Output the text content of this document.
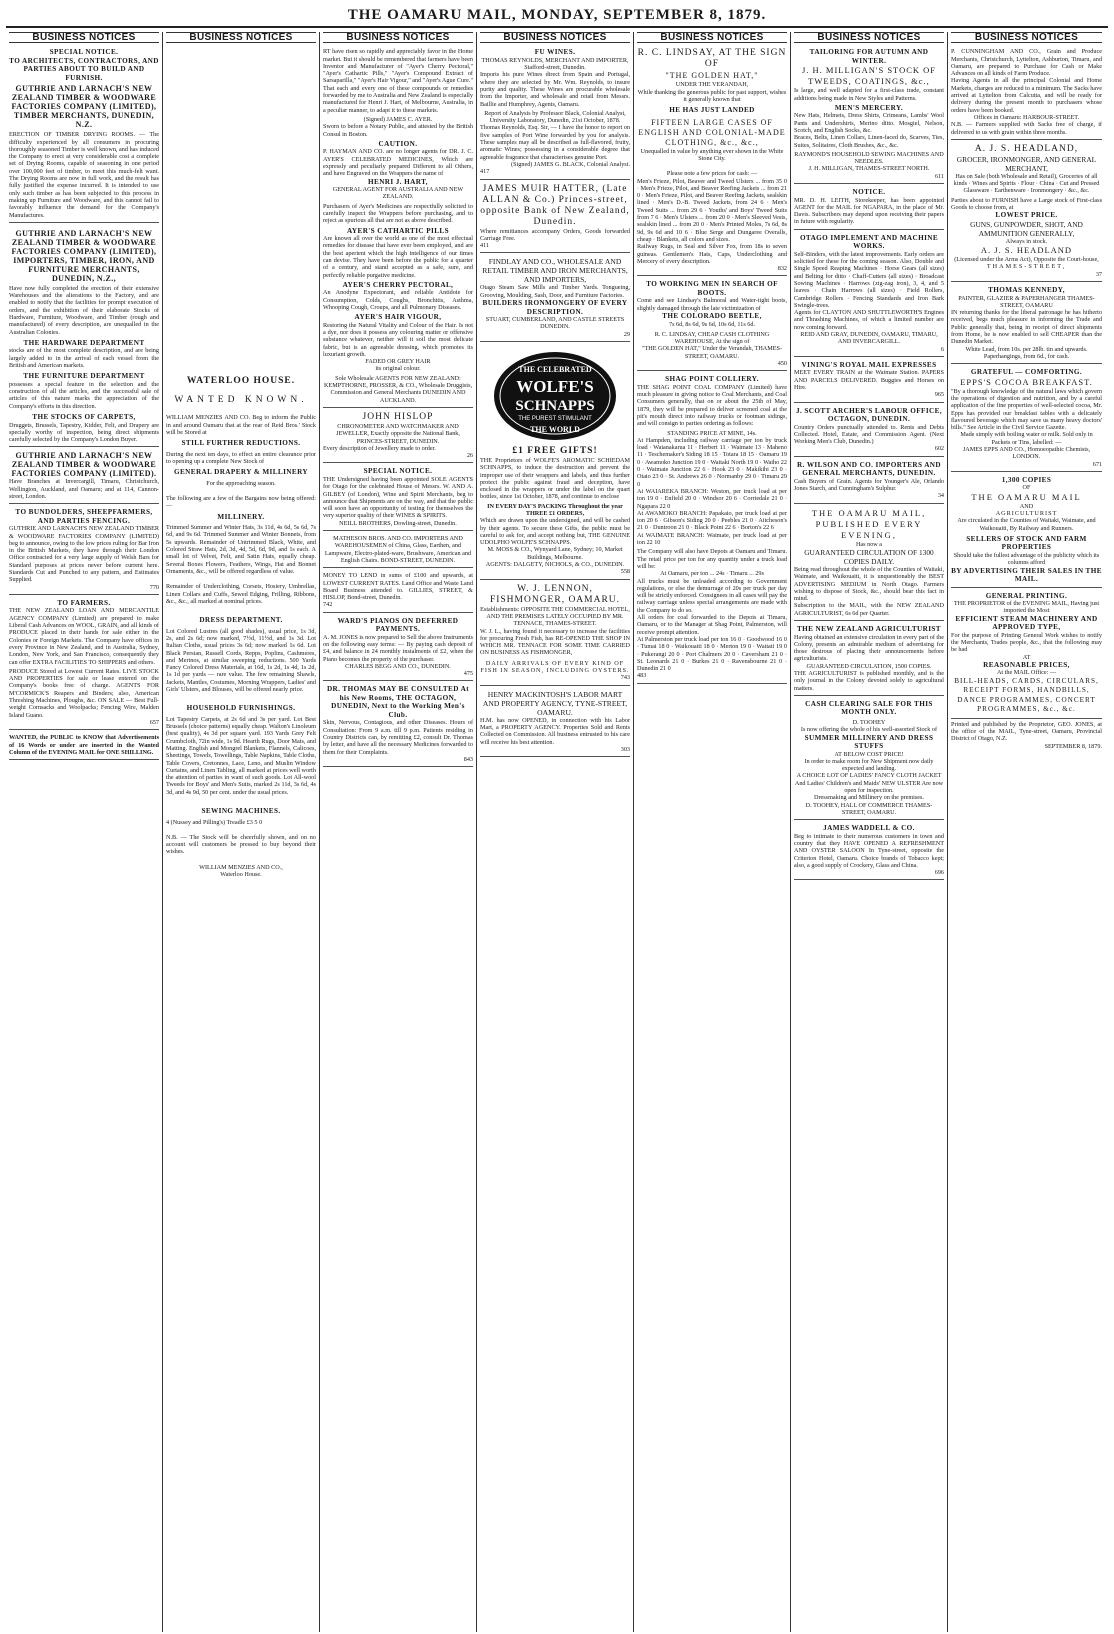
THE OAMARU MAIL, MONDAY, SEPTEMBER 8, 1879.
BUSINESS NOTICES
SPECIAL NOTICE.
TO ARCHITECTS, CONTRACTORS, AND PARTIES ABOUT TO BUILD AND FURNISH.
GUTHRIE AND LARNACH'S NEW ZEALAND TIMBER & WOODWARE FACTORIES COMPANY (LIMITED), TIMBER MERCHANTS, DUNEDIN, N.Z.
ERECTION OF TIMBER DRYING ROOMS. — The difficulty experienced by all consumers in procuring thoroughly seasoned Timber is well known, and has induced the Company to erect at very considerable cost a complete set of Drying Rooms, capable of seasoning in one period over 100,000 feet of timber, to meet this much-felt want. The Drying Rooms are now in full work, and the result has fully justified the expense incurred. It is intended to use only such timber as has been subjected to this process in making up Furniture and Woodware, and this cannot fail to favorably influence the demand for the Company's Manufactures.
GUTHRIE AND LARNACH'S NEW ZEALAND TIMBER & WOODWARE FACTORIES COMPANY (LIMITED), IMPORTERS, TIMBER, IRON, AND FURNITURE MERCHANTS, DUNEDIN, N.Z.,
Have now fully completed the erection of their extensive Warehouses and the alterations to the Factory, and are enabled to notify that the facilities for prompt execution of orders, and the exhibition of their elaborate Stocks of Hardware, Furniture, Woodware, and Timber (rough and manufactured) of every description, are unequalled in the Australian Colonies.
THE HARDWARE DEPARTMENT
stocks are of the most complete description, and are being largely added to in the arrival of each vessel from the British and American markets.
THE FURNITURE DEPARTMENT
possesses a special feature in the selection and the construction of all the articles, and the successful sale of articles of this nature marks the appreciation of the Company's efforts in this direction.
THE STOCKS OF CARPETS,
Druggets, Brussels, Tapestry, Kidder, Felt, and Drapery are specially worthy of inspection, being direct shipments carefully selected by the Company's London Buyer.
GUTHRIE AND LARNACH'S NEW ZEALAND TIMBER & WOODWARE FACTORIES COMPANY (LIMITED).
Have Branches at Invercargill, Timaru, Christchurch, Wellington, Auckland, and Oamaru; and at 114, Cannon-street, London.
TO BUNDOLDERS, SHEEPFARMERS, AND PARTIES FENCING.
GUTHRIE AND LARNACH'S NEW ZEALAND TIMBER & WOODWARE FACTORIES COMPANY (LIMITED) beg to announce, owing to the low prices ruling for Bar Iron in the British Markets, they have through their London Office contracted for a very large supply of Welsh Bars for Standard purposes at prices never before current here. Standards Cut and Punched to any pattern, and Estimates Supplied.
770
TO FARMERS.
THE NEW ZEALAND LOAN AND MERCANTILE AGENCY COMPANY (Limited) are prepared to make Liberal Cash Advances on WOOL, GRAIN, and all kinds of PRODUCE placed in their hands for sale either in the Colonies or Foreign Markets. The Company have offices in every Province in New Zealand, and in Australia, Sydney, London, New York, and San Francisco, consequently they can offer EXTRA FACILITIES TO SHIPPERS and others.
PRODUCE Stored at Lowest Current Rates. LIVE STOCK AND PROPERTIES for sale or lease entered on the Company's books free of charge. AGENTS FOR M'CORMICK'S Reapers and Binders; also, American Threshing Machines, Ploughs, &c. ON SALE — Best Full-weight Cornsacks and Woolpacks; Fencing Wire, Malden Island Guano.
657
WANTED, the PUBLIC to KNOW that Advertisements of 16 Words or under are inserted in the Wanted Column of the EVENING MAIL for ONE SHILLING.
BUSINESS NOTICES
WATERLOO HOUSE.
WANTED KNOWN.
WILLIAM MENZIES AND CO. Beg to inform the Public in and around Oamaru that at the rear of Reid Bros.' Stock will be Stored at
STILL FURTHER REDUCTIONS.
During the next ten days, to effect an entire clearance prior to opening up a complete New Stock of
GENERAL DRAPERY & MILLINERY
For the approaching season.
The following are a few of the Bargains now being offered: —
MILLINERY.
Trimmed Summer and Winter Hats, 3s 11d, 4s 6d, 5s 6d, 7s 6d, and 9s 6d. Trimmed Summer and Winter Bonnets, from 5s upwards. Remainder of Untrimmed Black, White, and Colored Straw Hats, 2d, 3d, 4d, 5d, 6d, 9d, and 1s each. A small lot of Velvet, Felt, and Satin Hats, equally cheap. Several Boxes Flowers, Feathers, Wings, Hat and Bonnet Ornaments, &c., will be offered regardless of value.
Remainder of Underclothing, Corsets, Hosiery, Umbrellas, Linen Collars and Cuffs, Sewed Edging, Frilling, Ribbons, &c., &c., all marked at nominal prices.
DRESS DEPARTMENT.
Lot Colored Lustres (all good shades), usual price, 1s 3d, 2s, and 2s 6d; now marked, 7½d, 11½d, and 1s 3d. Lot Italian Cloths, usual prices 3s 6d; now marked 1s 6d. Lot Black Persian, Russell Cords, Repps, Poplins, Cashmeres, and Merinos, at similar sweeping reductions. 500 Yards Fancy Colored Dress Materials, at 16d, 1s 2d, 1s 4d, 1s 2d, 1s 1d per yards — rare value. The few remaining Shawls, Jackets, Mantles, Costumes, Morning Wrappers, Ladies' and Girls' Ulsters, and Blouses, will be offered nearly price.
HOUSEHOLD FURNISHINGS.
Lot Tapestry Carpets, at 2s 6d and 3s per yard. Lot Best Brussels (choice patterns) equally cheap. Walton's Linoleum (best quality), 4s 3d per square yard. 193 Yards Grey Felt Crumbcloth, 72in wide, 1s 9d. Hearth Rugs, Door Mats, and Matting. English and Mongrel Blankets, Flannels, Calicoes, Sheetings, Towels, Towellings, Table Napkins, Table Cloths, Table Covers, Cretonnes, Lace, Leno, and Muslin Window Curtains, and Linen Tabling, all marked at prices well worth the attention of parties in want of such goods. Lot All-wool Tweeds for Boys' and Men's Suits, marked 2s 11d, 3s 6d, 4s 3d, and 4s 9d, 50 per cent. under the usual prices.
SEWING MACHINES.
4 (Nussey and Pilling's) Treadle £3 5 0
N.B. — The Stock will be cheerfully shown, and on no account will customers be pressed to buy beyond their wishes.
WILLIAM MENZIES AND CO.,
Waterloo House.
BUSINESS NOTICES
RT have risen so rapidly and appreciably favor in the Home market. But it should be remembered that farmers have been Inventor and Manufacturer of "Ayer's Cherry Pectoral," "Ayer's Cathartic Pills," "Ayer's Compound Extract of Sarsaparilla," "Ayer's Hair Vigour," and "Ayer's Ague Cure." That each and every one of these compounds or remedies forwarded by me to Australia and New Zealand is especially manufactured for Henri J. Hart, of Melbourne, Australia, in a peculiar manner, to adapt it to these markets.
(Signed) JAMES C. AYER.
Sworn to before a Notary Public, and attested by the British Consul in Boston.
CAUTION.
P. HAYMAN AND CO. are no longer agents for DR. J. C. AYER'S CELEBRATED MEDICINES, Which are expressly and peculiarly prepared Different to all Others, and have Engraved on the Wrappers the name of
HENRI J. HART,
GENERAL AGENT FOR AUSTRALIA AND NEW ZEALAND.
Purchasers of Ayer's Medicines are respectfully solicited to carefully inspect the Wrappers before purchasing, and to reject as spurious all that are not as above described.
AYER'S CATHARTIC PILLS
Are known all over the world as one of the most effectual remedies for disease that have ever been employed, and are the best aperient which the high intelligence of our times can devise. They have been before the public for a quarter of a century, and stand accepted as a safe, sure, and perfectly reliable purgative medicine.
AYER'S CHERRY PECTORAL,
An Anodyne Expectorant, and reliable Antidote for Consumption, Colds, Coughs, Bronchitis, Asthma, Whooping Cough, Croups, and all Pulmonary Diseases.
AYER'S HAIR VIGOUR,
Restoring the Natural Vitality and Colour of the Hair. Is not a dye, nor does it possess any colouring matter or offensive substance whatever, neither will it soil the most delicate fabric, but is an agreeable dressing, which promotes its luxuriant growth.
FADED OR GREY HAIR
its original colour.
Sole Wholesale AGENTS FOR NEW ZEALAND: KEMPTHORNE, PROSSER, & CO., Wholesale Druggists, Commission and General Merchants DUNEDIN AND AUCKLAND.
JOHN HISLOP
CHRONOMETER AND WATCHMAKER AND JEWELLER, Exactly opposite the National Bank, PRINCES-STREET, DUNEDIN.
Every description of Jewellery made to order.
26
SPECIAL NOTICE.
THE Undersigned having been appointed SOLE AGENTS for Otago for the celebrated House of Messrs. W. AND A. GILBEY (of London), Wine and Spirit Merchants, beg to announce that Shipments are on the way, and that the public will soon have an opportunity of testing for themselves the very superior quality of their WINES & SPIRITS.
NEILL BROTHERS, Dowling-street, Dunedin.
MATHESON BROS. AND CO. IMPORTERS AND WAREHOUSEMEN of China, Glass, Earthen, and Lampware, Electro-plated-ware, Brushware, American and English Chairs. BOND-STREET, DUNEDIN.
MONEY TO LEND in sums of £100 and upwards, at LOWEST CURRENT RATES. Land Office and Waste Land Board Business attended to. GILLIES, STREET, & HISLOP, Bond-street, Dunedin.
742
WARD'S PIANOS ON DEFERRED PAYMENTS.
A. M. JONES is now prepared to Sell the above Instruments on the following easy terms: — By paying cash deposit of £4, and balance in 24 monthly instalments of £2, when the Piano becomes the property of the purchaser.
CHARLES BEGG AND CO., DUNEDIN.
475
DR. THOMAS MAY BE CONSULTED At his New Rooms, THE OCTAGON, DUNEDIN, Next to the Working Men's Club.
Skin, Nervous, Contagious, and other Diseases. Hours of Consultation: From 9 a.m. till 9 p.m. Patients residing in Country Districts can, by remitting £2, consult Dr. Thomas by letter, and have all the necessary Medicines forwarded to them for their Complaints.
843
BUSINESS NOTICES
FU WINES.
THOMAS REYNOLDS, MERCHANT AND IMPORTER, Stafford-street, Dunedin.
Imports his pure Wines direct from Spain and Portugal, where they are selected by Mr. Wm. Reynolds, to insure purity and quality. These Wines are procurable wholesale from the Importer, and wholesale and retail from Messrs. Baillie and Humphrey, Agents, Oamaru.
Report of Analysis by Professor Black, Colonial Analyst, University Laboratory, Dunedin, 21st October, 1878.
Thomas Reynolds, Esq. Sir, — I have the honor to report on five samples of Port Wine forwarded by you for analysis. These samples may all be described as full-flavored, fruity, aromatic Wines; possessing in a considerable degree that agreeable fragrance that characterises genuine Port.
(Signed) JAMES G. BLACK, Colonial Analyst.
417
JAMES MUIR HATTER, (Late ALLAN & Co.) Princes-street, opposite Bank of New Zealand, Dunedin.
Where remittances accompany Orders, Goods forwarded Carriage Free.
411
FINDLAY AND CO., WHOLESALE AND RETAIL TIMBER AND IRON MERCHANTS, AND IMPORTERS,
Otago Steam Saw Mills and Timber Yards. Tongueing, Grooving, Moulding, Sash, Door, and Furniture Factories.
BUILDERS IRONMONGERY OF EVERY DESCRIPTION.
STUART, CUMBERLAND, AND CASTLE STREETS DUNEDIN.
29
THE CELEBRATED
WOLFE'S
SCHNAPPS
THE PUREST STIMULANT
THE WORLD
£1 FREE GIFTS!
THE Proprietors of WOLFE'S AROMATIC SCHIEDAM SCHNAPPS, to induce the destruction and prevent the improper use of their wrappers and labels, and thus further protect the public against fraud and deception, have enclosed in the wrappers or under the label on the quart bottles, since 1st October, 1878, and continue to enclose
IN EVERY DAY'S PACKING Throughout the year THREE £1 ORDERS,
Which are drawn upon the undersigned, and will be cashed by their agents. To secure these Gifts, the public must be careful to ask for, and accept nothing but, THE GENUINE UDOLPHO WOLFE'S SCHNAPPS.
M. MOSS & CO., Wynyard Lane, Sydney; 10, Market Buildings, Melbourne.
AGENTS: DALGETY, NICHOLS, & CO., DUNEDIN.
558
W. J. LENNON, FISHMONGER, OAMARU.
Establishments: OPPOSITE THE COMMERCIAL HOTEL, AND THE PREMISES LATELY OCCUPIED BY MR. TENNACE, THAMES-STREET.
W. J. L., having found it necessary to increase the facilities for procuring Fresh Fish, has RE-OPENED THE SHOP IN WHICH MR. TENNACE FOR SOME TIME CARRIED ON BUSINESS AS FISHMONGER,
DAILY ARRIVALS OF EVERY KIND OF FISH IN SEASON, INCLUDING OYSTERS.
743
HENRY MACKINTOSH'S LABOR MART AND PROPERTY AGENCY, TYNE-STREET, OAMARU.
H.M. has now OPENED, in connection with his Labor Mart, a PROPERTY AGENCY. Properties Sold and Rents Collected on Commission. All business entrusted to his care will receive his best attention.
303
BUSINESS NOTICES
R. C. LINDSAY, AT THE SIGN OF
"THE GOLDEN HAT,"
UNDER THE VERANDAH,
While thanking the generous public for past support, wishes it generally known that
HE HAS JUST LANDED
FIFTEEN LARGE CASES OF ENGLISH AND COLONIAL-MADE CLOTHING, &c., &c.,
Unequalled in value by anything ever shown in the White Stone City.
Please note a few prices for cash: —
Men's Frieze, Pilot, Beaver and Tweed Ulsters ... from 35 0 · Men's Frieze, Pilot, and Beaver Reefing Jackets ... from 21 0 · Men's Frieze, Pilot, and Beaver Reefing Jackets, sealskin lined · Men's D.-B. Tweed Jackets, from 24 6 · Men's Tweed Suits ... from 29 6 · Youths' and Boys' Tweed Suits from 7 6 · Men's Ulsters ... from 20 0 · Men's Sleeved Vests, sealskin lined ... from 20 0 · Men's Printed Moles, 7s 6d, 8s 9d, 9s 6d and 10 6 · Blue Serge and Dungaree Overalls, cheap · Blankets, all colors and sizes.
Railway Rugs, in Seal and Silver Fox, from 18s to seven guineas. Gentlemen's Hats, Caps, Underclothing and Mercery of every description.
832
TO WORKING MEN IN SEARCH OF BOOTS.
Come and see Lindsay's Balmoral and Water-tight boots, slightly damaged through the late victimization of
THE COLORADO BEETLE,
7s 6d, 8s 6d, 9s 6d, 10s 6d, 11s 6d.
R. C. LINDSAY, CHEAP CASH CLOTHING WAREHOUSE, At the sign of
"THE GOLDEN HAT," Under the Verandah, THAMES-STREET, OAMARU.
450
SHAG POINT COLLIERY.
THE SHAG POINT COAL COMPANY (Limited) have much pleasure in giving notice to Coal Merchants, and Coal Consumers generally, that on or about the 25th of May, 1879, they will be prepared to deliver screened coal at the pit's mouth direct into railway trucks or footman sidings, and will consign to parties ordering as follows:
STANDING PRICE AT MINE, 14s.
At Hampden, including railway carriage per ton by truck load · Waianakarua 11 · Herbert 11 · Waimate 13 · Maheno 11 · Teschemaker's Siding 18 15 · Totara 18 15 · Oamaru 19 0 · Awamoko Junction 19 0 · Waitaki North 19 0 · Waiho 22 0 · Waimate Junction 22 6 · Hook 23 0 · Makikihi 23 0 · Otaio 23 0 · St. Andrews 26 0 · Normanby 29 0 · Timaru 29 0
At WAIAREKA BRANCH: Weston, per truck load at per ton 19 0 · Enfield 20 0 · Windsor 20 6 · Corriedale 21 0 · Ngapara 22 0
At AWAMOKO BRANCH: Papakaio, per truck load at per ton 20 6 · Gibson's Siding 20 0 · Peebles 21 0 · Aitcheson's 21 0 · Duntroon 21 0 · Black Point 22 6 · Borton's 22 6
At WAIMATE BRANCH: Waimate, per truck load at per ton 22 10
The Company will also have Depots at Oamaru and Timaru. The retail price per ton for any quantity under a truck load will be:
At Oamaru, per ton ... 24s · Timaru ... 29s
All trucks must be unloaded according to Government regulations, or else the demurrage of 20s per truck per day will be strictly enforced. Consignees in all cases will pay the railway carriage unless special arrangements are made with the Company to do so.
All orders for coal forwarded to the Depots at Timaru, Oamaru, or to the Manager at Shag Point, Palmerston, will receive prompt attention.
At Palmerston per truck load per ton 16 0 · Goodwood 16 0 · Tumai 18 0 · Waikouaiti 18 0 · Merton 19 0 · Waitati 19 0 · Pukerangi 20 0 · Port Chalmers 20 0 · Caversham 21 0 · St. Leonards 21 0 · Burkes 21 0 · Ravensbourne 21 0 · Dunedin 21 0
483
BUSINESS NOTICES
TAILORING FOR AUTUMN AND WINTER.
J. H. MILLIGAN'S STOCK OF TWEEDS, COATINGS, &c.,
Is large, and well adapted for a first-class trade, constant additions being made in New Styles and Patterns.
MEN'S MERCERY.
New Hats, Helmets, Dress Shirts, Crimeans, Lambs' Wool Pants and Undershirts, Merino ditto. Mosgiel, Nelson, Scotch, and English Socks, &c.
Braces, Belts, Linen Collars, Linen-faced do, Scarves, Ties, Suites, Solitaires, Cloth Brushes, &c., &c.
RAYMOND'S HOUSEHOLD SEWING MACHINES AND NEEDLES.
J. H. MILLIGAN, THAMES-STREET NORTH.
611
NOTICE.
MR. D. H. LEITH, Storekeeper, has been appointed AGENT for the MAIL for NGAPARA, in the place of Mr. Davis. Subscribers may depend upon receiving their papers in future with regularity.
OTAGO IMPLEMENT AND MACHINE WORKS.
Self-Binders, with the latest improvements. Early orders are solicited for these for the coming season. Also, Double and Single Speed Reaping Machines · Horse Gears (all sizes) and Belting for ditto · Chaff-Cutters (all sizes) · Broadcast Sowing Machines · Harrows (zig-zag iron), 3, 4, and 5 leaves · Chain Harrows (all sizes) · Field Rollers, Cambridge Rollers · Fencing Standards and Iron Bark Swingle-trees.
Agents for CLAYTON AND SHUTTLEWORTH'S Engines and Thrashing Machines, of which a limited number are now coming forward.
REID AND GRAY, DUNEDIN, OAMARU, TIMARU, AND INVERCARGILL.
6
VINING'S ROYAL MAIL EXPRESSES
MEET EVERY TRAIN at the Waimate Station. PAPERS AND PARCELS DELIVERED. Buggies and Horses on Hire.
965
J. SCOTT ARCHER'S LABOUR OFFICE, OCTAGON, DUNEDIN.
Country Orders punctually attended to. Rents and Debts Collected. Hotel, Estate, and Commission Agent. (Next Working Men's Club, Dunedin.)
602
R. WILSON AND CO. IMPORTERS AND GENERAL MERCHANTS, DUNEDIN.
Cash Buyers of Grain. Agents for Younger's Ale, Orlando Jones Starch, and Cunningham's Sulphur.
34
THE OAMARU MAIL, PUBLISHED EVERY EVENING,
Has now a
GUARANTEED CIRCULATION OF 1300 COPIES DAILY.
Being read throughout the whole of the Counties of Waitaki, Waimate, and Waikouaiti, it is unquestionably the BEST ADVERTISING MEDIUM in North Otago. Farmers wishing to dispose of Stock, &c., should bear this fact in mind.
Subscription to the MAIL, with the NEW ZEALAND AGRICULTURIST, 6s 6d per Quarter.
THE NEW ZEALAND AGRICULTURIST
Having obtained an extensive circulation in every part of the Colony, presents an admirable medium of advertising for those desirous of placing their announcements before agriculturists.
GUARANTEED CIRCULATION, 1500 COPIES.
THE AGRICULTURIST is published monthly, and is the only journal in the Colony devoted solely to agricultural matters.
CASH CLEARING SALE FOR THIS MONTH ONLY.
D. TOOHEY
Is now offering the whole of his well-assorted Stock of
SUMMER MILLINERY AND DRESS STUFFS
AT BELOW COST PRICE!
In order to make room for New Shipment now daily expected and landing.
A CHOICE LOT OF LADIES' FANCY CLOTH JACKET And Ladies' Children's and Maids' NEW ULSTER Are now open for inspection.
Dressmaking and Millinery on the premises.
D. TOOHEY, HALL OF COMMERCE THAMES-STREET, OAMARU.
JAMES WADDELL & CO.
Beg to intimate to their numerous customers in town and country that they HAVE OPENED A REFRESHMENT AND OYSTER SALOON In Tyne-street, opposite the Criterion Hotel, Oamaru. Choice brands of Tobacco kept; also, a good supply of Crockery, Glass and China.
696
BUSINESS NOTICES
P. CUNNINGHAM AND CO., Grain and Produce Merchants, Christchurch, Lyttelton, Ashburton, Timaru, and Oamaru, are prepared to Purchase for Cash or Make Advances on all kinds of Farm Produce.
Having Agents in all the principal Colonial and Home Markets, charges are reduced to a minimum. The Sacks have arrived at Lyttelton from Calcutta, and will be ready for delivery during the present month to purchasers whose orders have been booked.
Offices in Oamaru: HARBOUR-STREET.
N.B. — Farmers supplied with Sacks free of charge, if delivered to us with grain within three months.
A. J. S. HEADLAND,
GROCER, IRONMONGER, AND GENERAL MERCHANT,
Has on Sale (both Wholesale and Retail), Groceries of all kinds · Wines and Spirits · Flour · China · Cut and Pressed Glassware · Earthenware · Ironmongery · &c., &c.
Parties about to FURNISH have a Large stock of First-class Goods to choose from, at
LOWEST PRICE.
GUNS, GUNPOWDER, SHOT, AND AMMUNITION GENERALLY,
Always in stock.
A. J. S. HEADLAND
(Licensed under the Arms Act), Opposite the Court-house,
THAMES-STREET,
37
THOMAS KENNEDY,
PAINTER, GLAZIER & PAPERHANGER THAMES-STREET, OAMARU
IN returning thanks for the liberal patronage he has hitherto received, begs much pleasure in informing the Trade and Public generally that, being in receipt of direct shipments from Home, he is now enabled to sell CHEAPER than the Dunedin Market.
White Lead, from 10s. per 28lb. tin and upwards. Paperhangings, from 6d., for cash.
GRATEFUL — COMFORTING.
EPPS'S COCOA BREAKFAST.
"By a thorough knowledge of the natural laws which govern the operations of digestion and nutrition, and by a careful application of the fine properties of well-selected cocoa, Mr. Epps has provided our breakfast tables with a delicately flavoured beverage which may save us many heavy doctors' bills." See Article in the Civil Service Gazette.
Made simply with boiling water or milk. Sold only in Packets or Tins, labelled: —
JAMES EPPS AND CO., Homoeopathic Chemists, LONDON.
671
1,300 COPIES
OF
THE OAMARU MAIL
AND
AGRICULTURIST
Are circulated in the Counties of Waitaki, Waimate, and Waikouaiti, By Railway and Runners.
SELLERS OF STOCK AND FARM PROPERTIES
Should take the fullest advantage of the publicity which its columns afford
BY ADVERTISING THEIR SALES IN THE MAIL.
GENERAL PRINTING.
THE PROPRIETOR of the EVENING MAIL, Having just imported the Most
EFFICIENT STEAM MACHINERY AND APPROVED TYPE,
For the purpose of Printing General Work wishes to notify the Merchants, Trades people, &c., that the following may be had
AT
REASONABLE PRICES,
At the MAIL Office: —
BILL-HEADS, CARDS, CIRCULARS, RECEIPT FORMS, HANDBILLS, DANCE PROGRAMMES, CONCERT PROGRAMMES, &c., &c.
Printed and published by the Proprietor, GEO. JONES, at the office of the MAIL, Tyne-street, Oamaru, Provincial District of Otago, N.Z.
SEPTEMBER 8, 1879.
